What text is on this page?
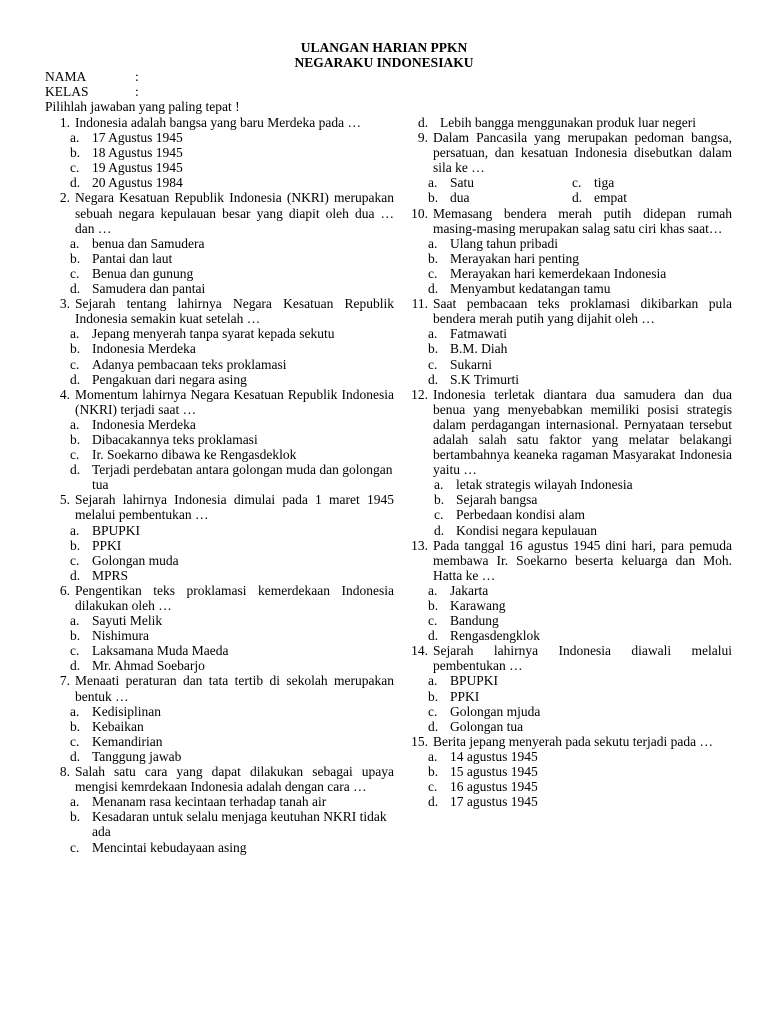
ULANGAN HARIAN PPKN
NEGARAKU INDONESIAKU
NAMA	:
KELAS	:
Pilihlah jawaban yang paling tepat !
1. Indonesia adalah bangsa yang baru Merdeka pada …
a. 17 Agustus 1945
b. 18 Agustus 1945
c. 19 Agustus 1945
d. 20 Agustus 1984
2. Negara Kesatuan Republik Indonesia (NKRI) merupakan sebuah negara kepulauan besar yang diapit oleh dua … dan …
a. benua dan Samudera
b. Pantai dan laut
c. Benua dan gunung
d. Samudera dan pantai
3. Sejarah tentang lahirnya Negara Kesatuan Republik Indonesia semakin kuat setelah …
a. Jepang menyerah tanpa syarat kepada sekutu
b. Indonesia Merdeka
c. Adanya pembacaan teks proklamasi
d. Pengakuan dari negara asing
4. Momentum lahirnya Negara Kesatuan Republik Indonesia (NKRI) terjadi saat …
a. Indonesia Merdeka
b. Dibacakannya teks proklamasi
c. Ir. Soekarno dibawa ke Rengasdeklok
d. Terjadi perdebatan antara golongan muda dan golongan tua
5. Sejarah lahirnya Indonesia dimulai pada 1 maret 1945 melalui pembentukan …
a. BPUPKI
b. PPKI
c. Golongan muda
d. MPRS
6. Pengentikan teks proklamasi kemerdekaan Indonesia dilakukan oleh …
a. Sayuti Melik
b. Nishimura
c. Laksamana Muda Maeda
d. Mr. Ahmad Soebarjo
7. Menaati peraturan dan tata tertib di sekolah merupakan bentuk …
a. Kedisiplinan
b. Kebaikan
c. Kemandirian
d. Tanggung jawab
8. Salah satu cara yang dapat dilakukan sebagai upaya mengisi kemrdekaan Indonesia adalah dengan cara …
a. Menanam rasa kecintaan terhadap tanah air
b. Kesadaran untuk selalu menjaga keutuhan NKRI tidak ada
c. Mencintai kebudayaan asing
d. Lebih bangga menggunakan produk luar negeri
9. Dalam Pancasila yang merupakan pedoman bangsa, persatuan, dan kesatuan Indonesia disebutkan dalam sila ke …
a. Satu	c. tiga
b. dua	d. empat
10. Memasang bendera merah putih didepan rumah masing-masing merupakan salag satu ciri khas saat…
a. Ulang tahun pribadi
b. Merayakan hari penting
c. Merayakan hari kemerdekaan Indonesia
d. Menyambut kedatangan tamu
11. Saat pembacaan teks proklamasi dikibarkan pula bendera merah putih yang dijahit oleh …
a. Fatmawati
b. B.M. Diah
c. Sukarni
d. S.K Trimurti
12. Indonesia terletak diantara dua samudera dan dua benua yang menyebabkan memiliki posisi strategis dalam perdagangan internasional. Pernyataan tersebut adalah salah satu faktor yang melatar belakangi bertambahnya keaneka ragaman Masyarakat Indonesia yaitu …
a. letak strategis wilayah Indonesia
b. Sejarah bangsa
c. Perbedaan kondisi alam
d. Kondisi negara kepulauan
13. Pada tanggal 16 agustus 1945 dini hari, para pemuda membawa Ir. Soekarno beserta keluarga dan Moh. Hatta ke …
a. Jakarta
b. Karawang
c. Bandung
d. Rengasdengklok
14. Sejarah lahirnya Indonesia diawali melalui pembentukan …
a. BPUPKI
b. PPKI
c. Golongan mjuda
d. Golongan tua
15. Berita jepang menyerah pada sekutu terjadi pada …
a. 14 agustus 1945
b. 15 agustus 1945
c. 16 agustus 1945
d. 17 agustus 1945
